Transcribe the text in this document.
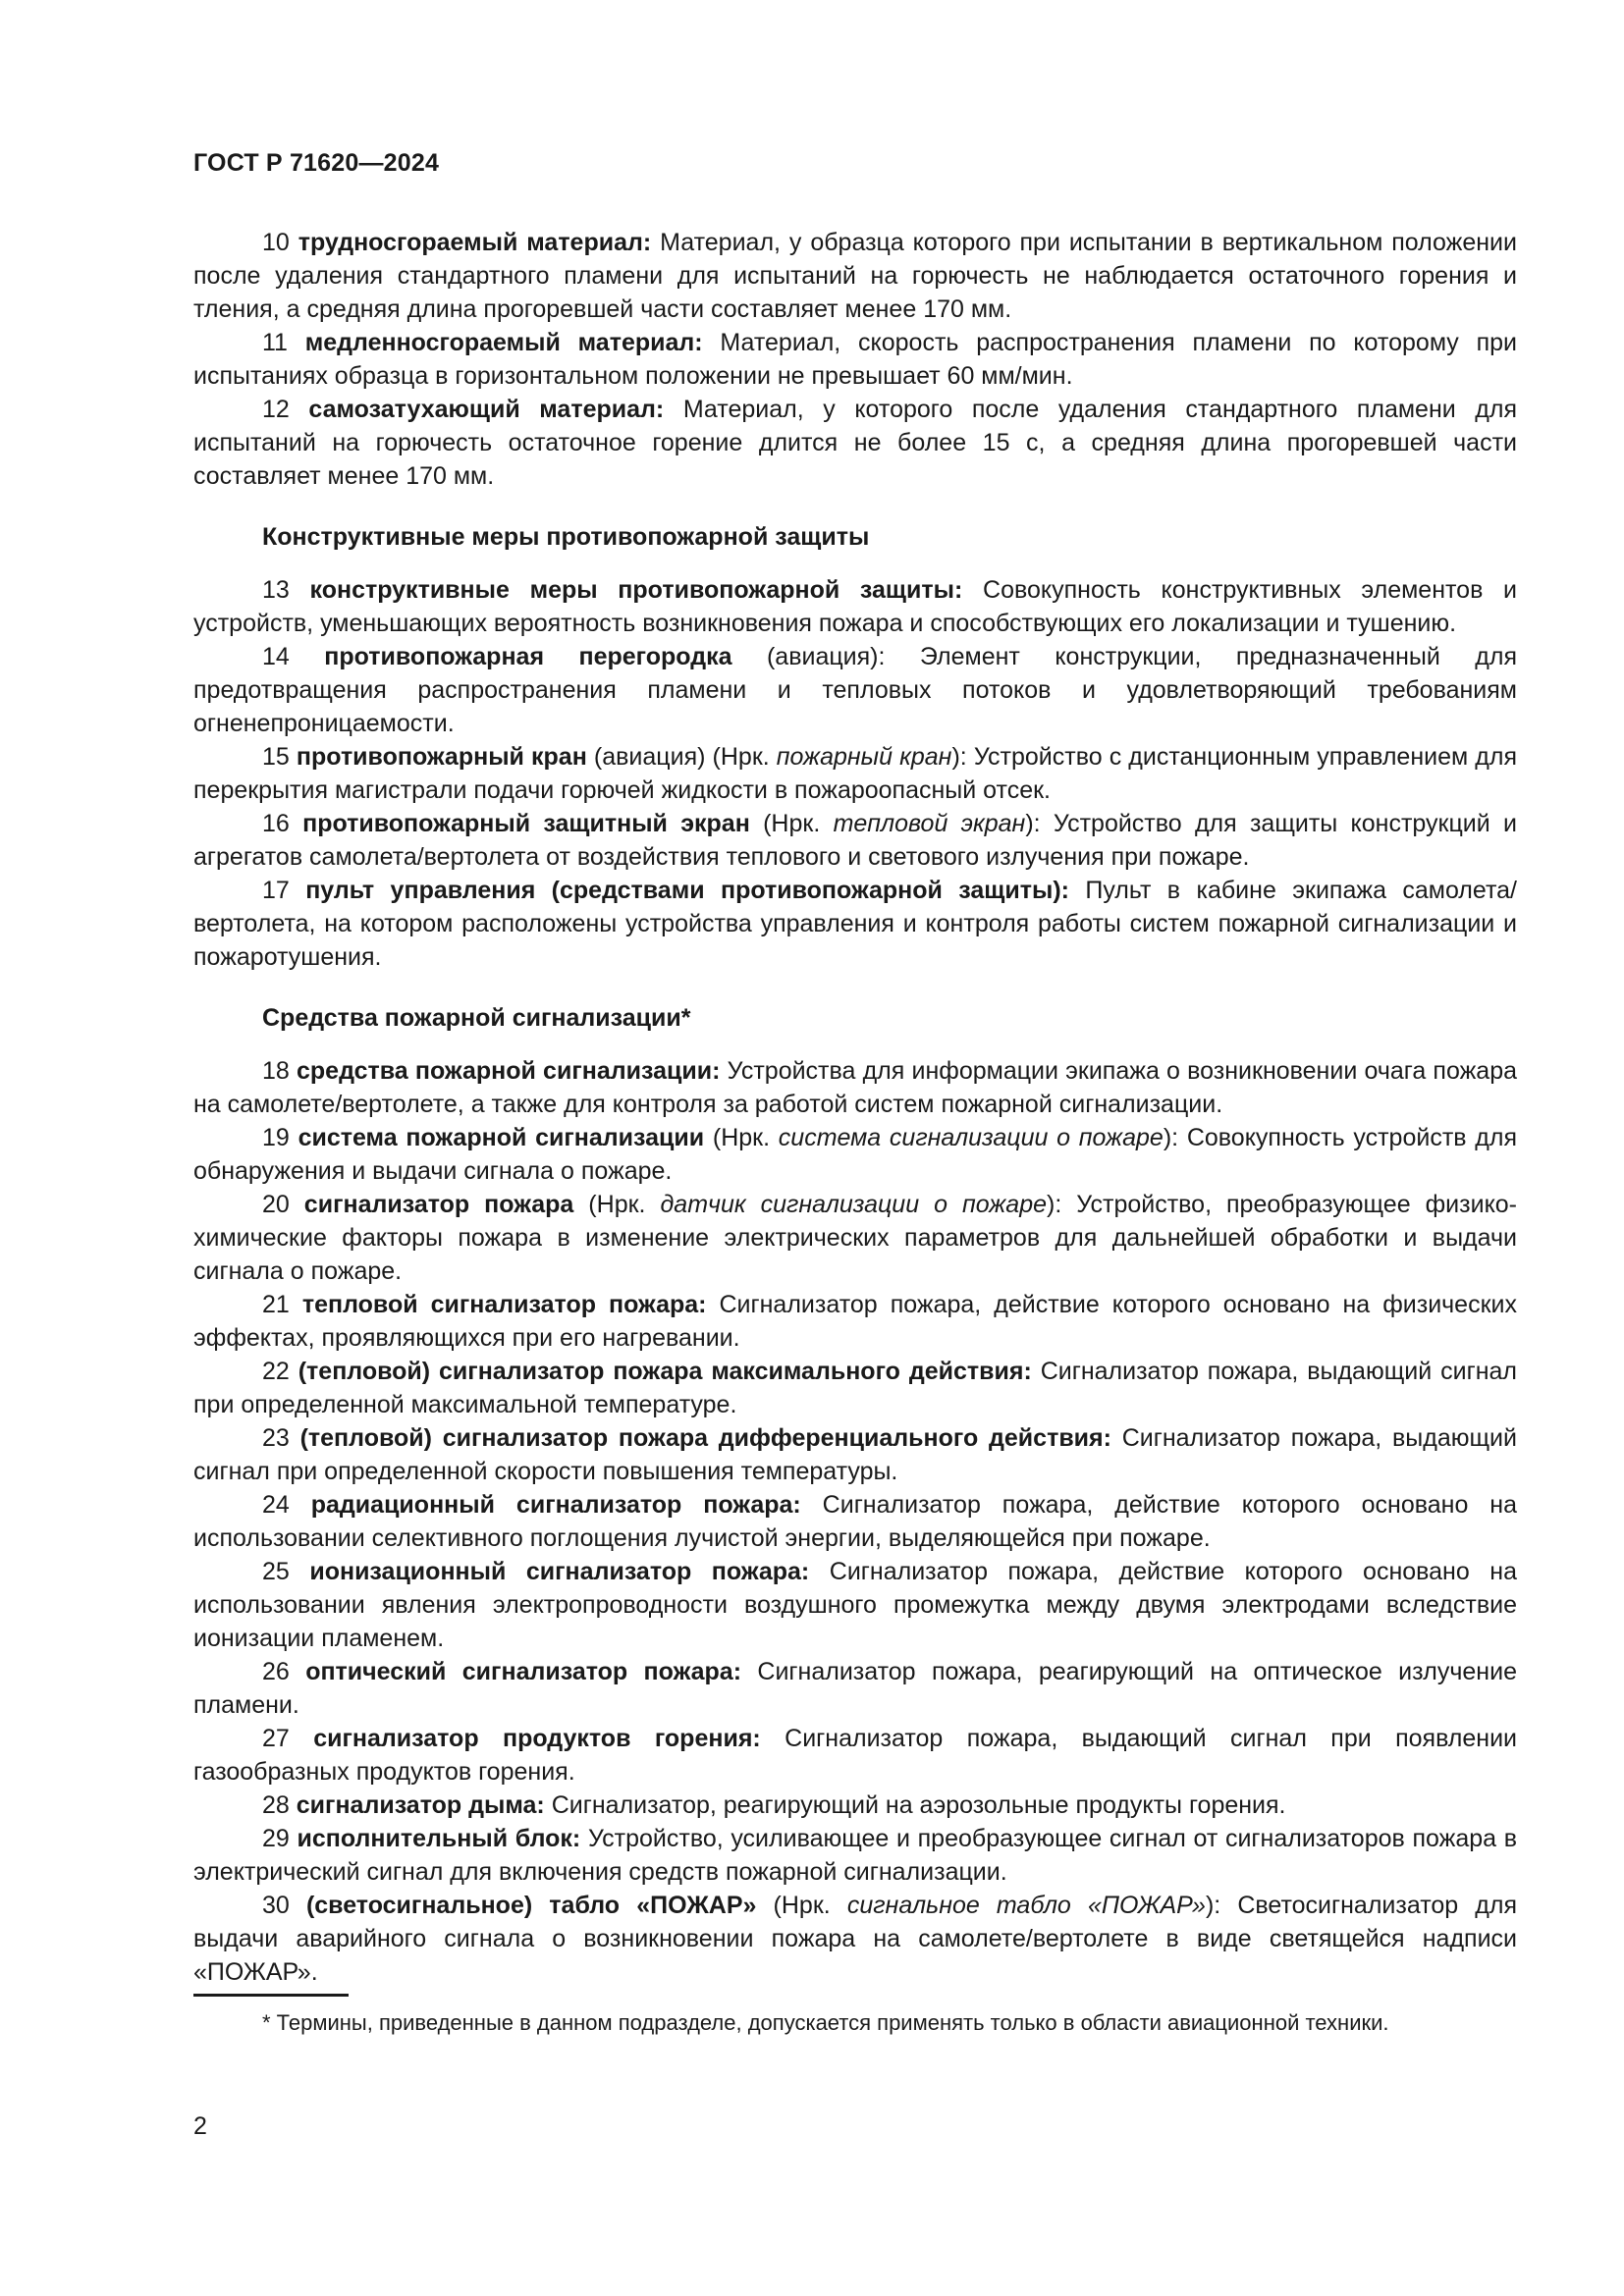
ГОСТ Р 71620—2024

10 трудносгораемый материал: Материал, у образца которого при испытании в вертикальном положении после удаления стандартного пламени для испытаний на горючесть не наблюдается остаточного горения и тления, а средняя длина прогоревшей части составляет менее 170 мм.

11 медленносгораемый материал: Материал, скорость распространения пламени по которому при испытаниях образца в горизонтальном положении не превышает 60 мм/мин.

12 самозатухающий материал: Материал, у которого после удаления стандартного пламени для испытаний на горючесть остаточное горение длится не более 15 с, а средняя длина прогоревшей части составляет менее 170 мм.

Конструктивные меры противопожарной защиты

13 конструктивные меры противопожарной защиты: Совокупность конструктивных элементов и устройств, уменьшающих вероятность возникновения пожара и способствующих его локализации и тушению.

14 противопожарная перегородка (авиация): Элемент конструкции, предназначенный для предотвращения распространения пламени и тепловых потоков и удовлетворяющий требованиям огненепроницаемости.

15 противопожарный кран (авиация) (Нрк. пожарный кран): Устройство с дистанционным управлением для перекрытия магистрали подачи горючей жидкости в пожароопасный отсек.

16 противопожарный защитный экран (Нрк. тепловой экран): Устройство для защиты конструкций и агрегатов самолета/вертолета от воздействия теплового и светового излучения при пожаре.

17 пульт управления (средствами противопожарной защиты): Пульт в кабине экипажа самолета/вертолета, на котором расположены устройства управления и контроля работы систем пожарной сигнализации и пожаротушения.

Средства пожарной сигнализации*

18 средства пожарной сигнализации: Устройства для информации экипажа о возникновении очага пожара на самолете/вертолете, а также для контроля за работой систем пожарной сигнализации.

19 система пожарной сигнализации (Нрк. система сигнализации о пожаре): Совокупность устройств для обнаружения и выдачи сигнала о пожаре.

20 сигнализатор пожара (Нрк. датчик сигнализации о пожаре): Устройство, преобразующее физико-химические факторы пожара в изменение электрических параметров для дальнейшей обработки и выдачи сигнала о пожаре.

21 тепловой сигнализатор пожара: Сигнализатор пожара, действие которого основано на физических эффектах, проявляющихся при его нагревании.

22 (тепловой) сигнализатор пожара максимального действия: Сигнализатор пожара, выдающий сигнал при определенной максимальной температуре.

23 (тепловой) сигнализатор пожара дифференциального действия: Сигнализатор пожара, выдающий сигнал при определенной скорости повышения температуры.

24 радиационный сигнализатор пожара: Сигнализатор пожара, действие которого основано на использовании селективного поглощения лучистой энергии, выделяющейся при пожаре.

25 ионизационный сигнализатор пожара: Сигнализатор пожара, действие которого основано на использовании явления электропроводности воздушного промежутка между двумя электродами вследствие ионизации пламенем.

26 оптический сигнализатор пожара: Сигнализатор пожара, реагирующий на оптическое излучение пламени.

27 сигнализатор продуктов горения: Сигнализатор пожара, выдающий сигнал при появлении газообразных продуктов горения.

28 сигнализатор дыма: Сигнализатор, реагирующий на аэрозольные продукты горения.

29 исполнительный блок: Устройство, усиливающее и преобразующее сигнал от сигнализаторов пожара в электрический сигнал для включения средств пожарной сигнализации.

30 (светосигнальное) табло «ПОЖАР» (Нрк. сигнальное табло «ПОЖАР»): Светосигнализатор для выдачи аварийного сигнала о возникновении пожара на самолете/вертолете в виде светящейся надписи «ПОЖАР».

* Термины, приведенные в данном подразделе, допускается применять только в области авиационной техники.
2
